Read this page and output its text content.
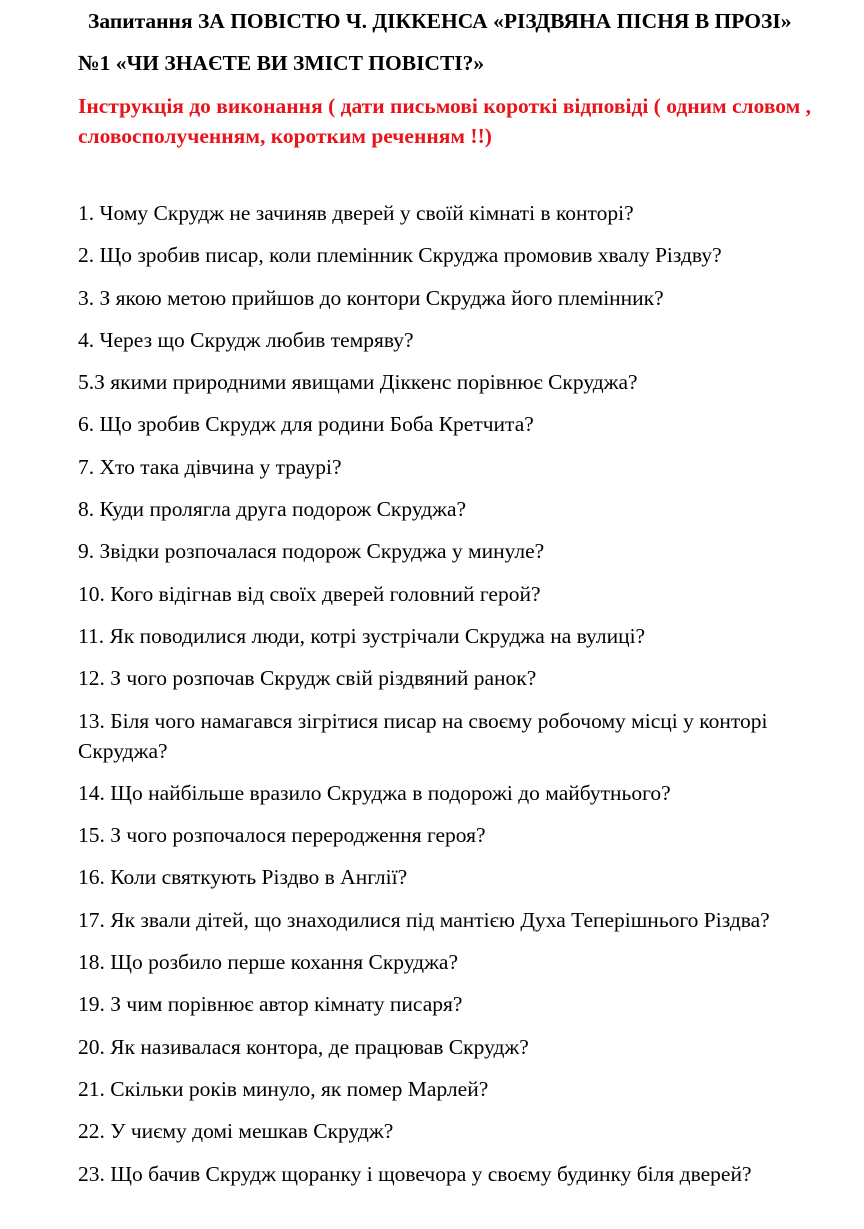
Запитання ЗА ПОВІСТЮ Ч. ДІККЕНСА «РІЗДВЯНА ПІСНЯ В ПРОЗІ»
№1 «ЧИ ЗНАЄТЕ ВИ ЗМІСТ ПОВІСТІ?»
Інструкція до виконання ( дати письмові короткі відповіді ( одним словом , словосполученням, коротким реченням !!)
1. Чому Скрудж не зачиняв дверей у своїй кімнаті в конторі?
2. Що зробив писар, коли племінник Скруджа промовив хвалу Різдву?
3. З якою метою прийшов до контори Скруджа його племінник?
4. Через що Скрудж любив темряву?
5.З якими природними явищами Діккенс порівнює Скруджа?
6. Що зробив Скрудж для родини Боба Кретчита?
7. Хто така дівчина у траурі?
8. Куди пролягла друга подорож Скруджа?
9. Звідки розпочалася подорож Скруджа у минуле?
10. Кого відігнав від своїх дверей головний герой?
11. Як поводилися люди, котрі зустрічали Скруджа на вулиці?
12. З чого розпочав Скрудж свій різдвяний ранок?
13. Біля чого намагався зігрітися писар на своєму робочому місці у конторі Скруджа?
14. Що найбільше вразило Скруджа в подорожі до майбутнього?
15. З чого розпочалося переродження героя?
16. Коли святкують Різдво в Англії?
17. Як звали дітей, що знаходилися під мантією Духа Теперішнього Різдва?
18. Що розбило перше кохання Скруджа?
19. З чим порівнює автор кімнату писаря?
20. Як називалася контора, де працював Скрудж?
21. Скільки років минуло, як помер Марлей?
22. У чиєму домі мешкав Скрудж?
23. Що бачив Скрудж щоранку і щовечора у своєму будинку біля дверей?
